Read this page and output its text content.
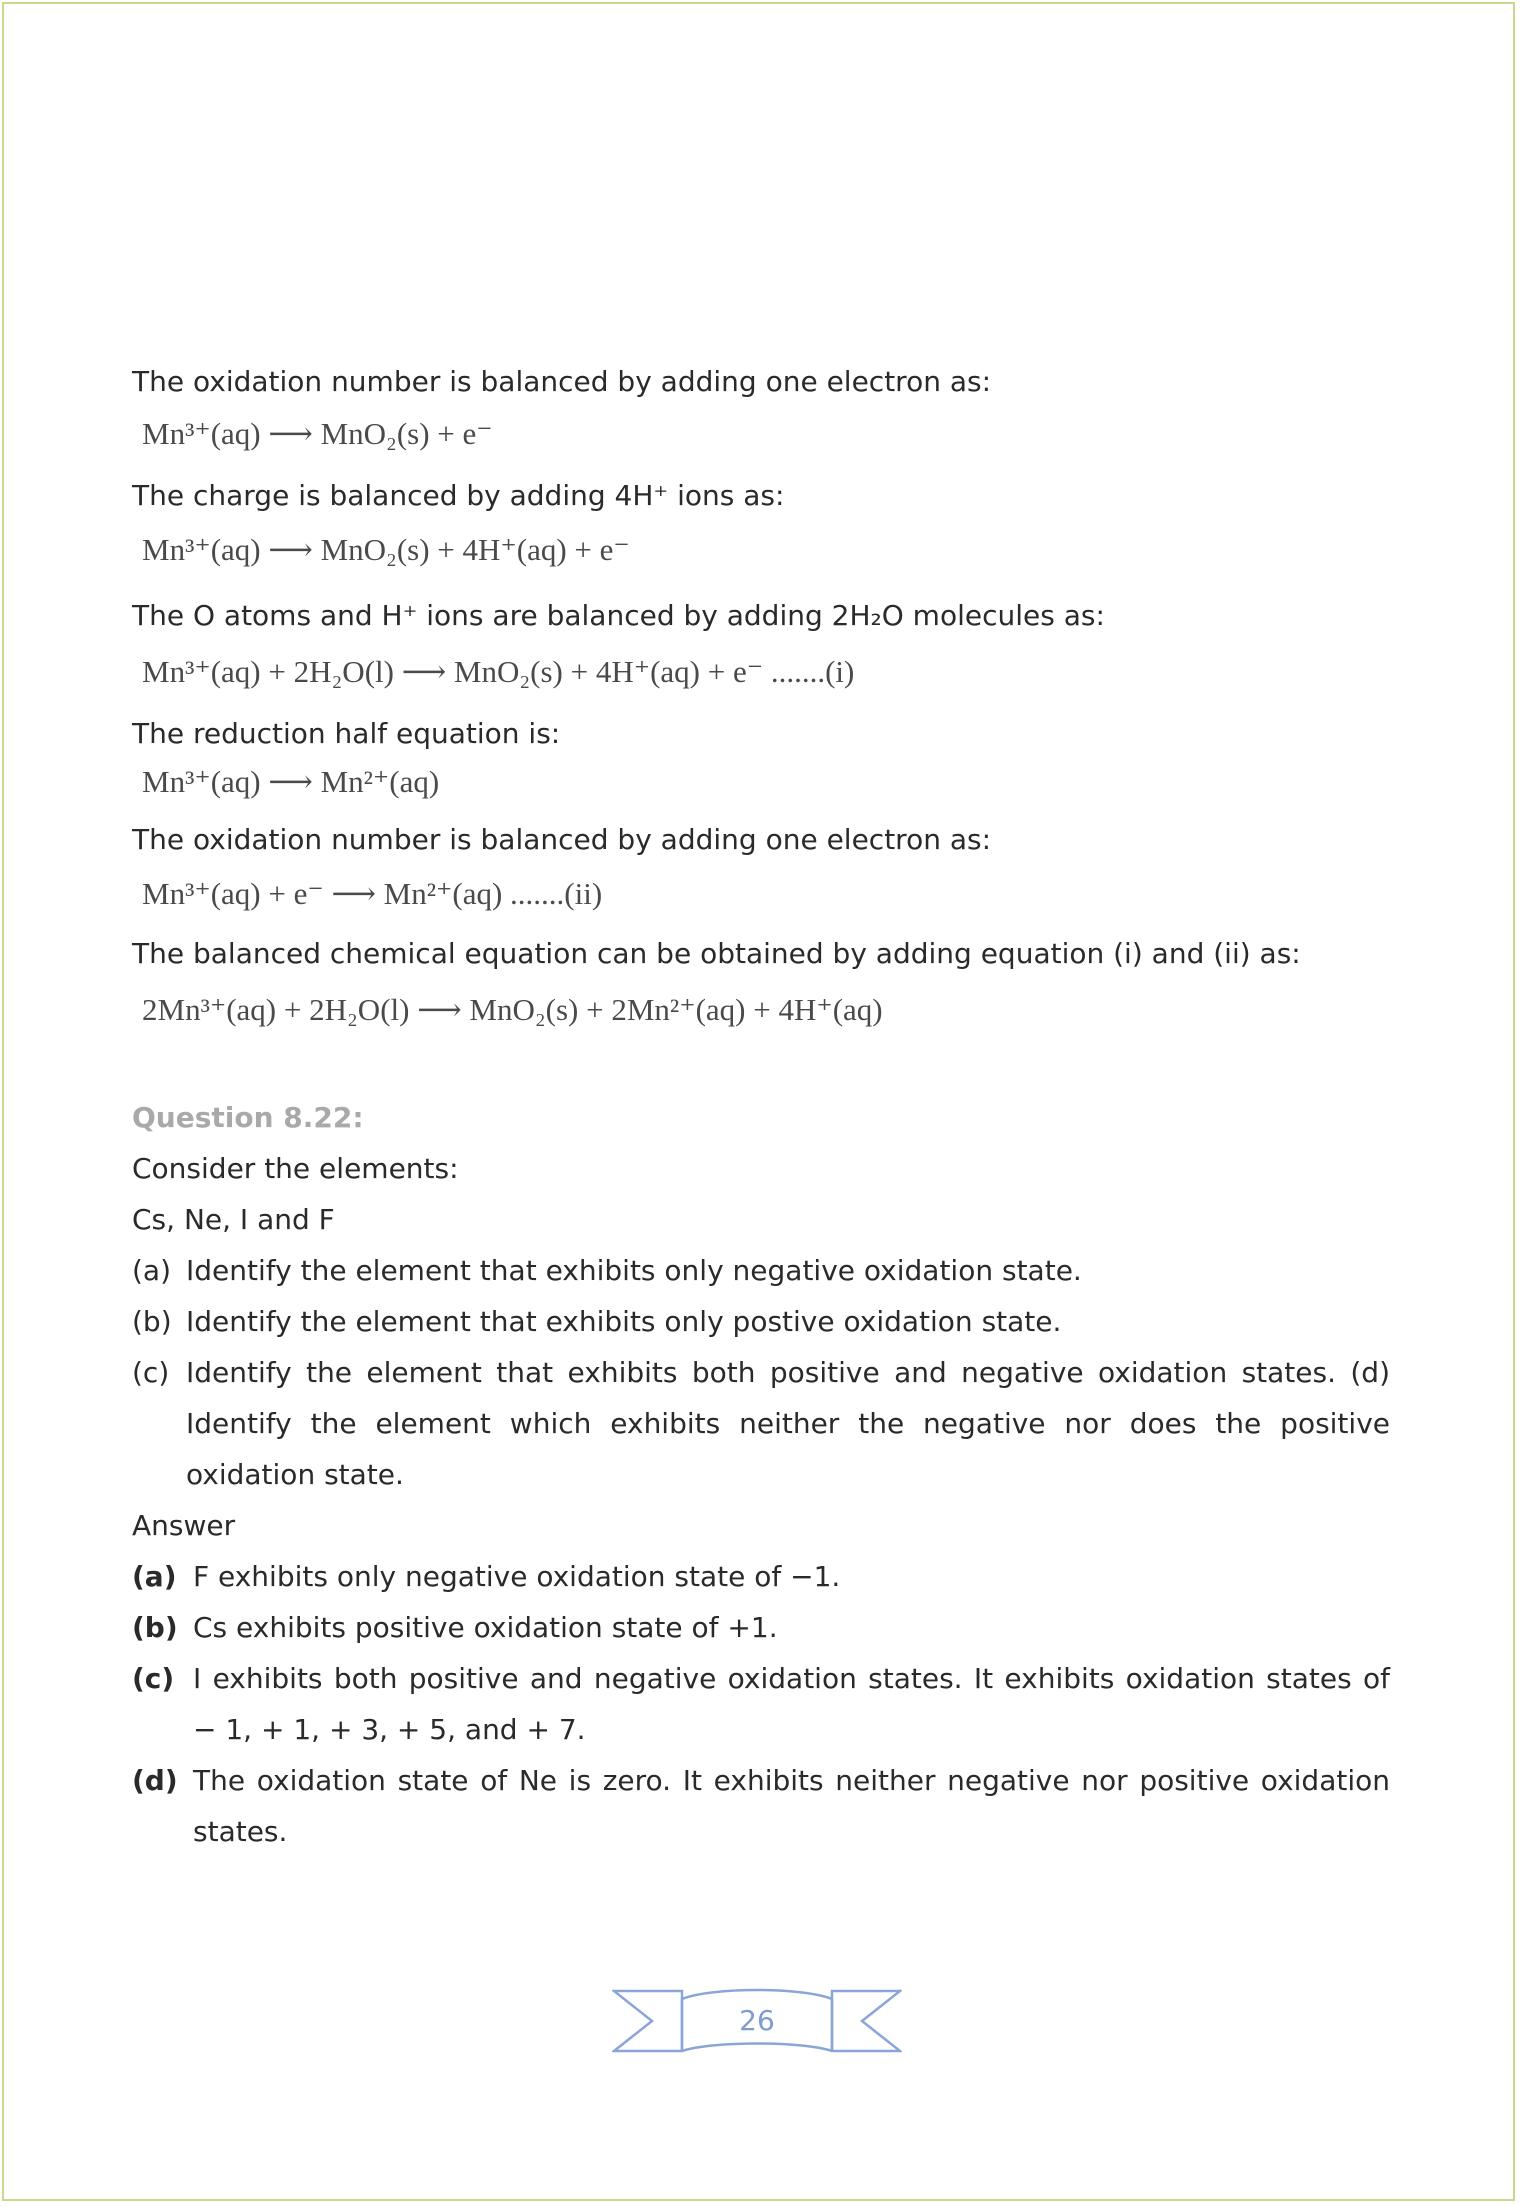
The oxidation number is balanced by adding one electron as:
Mn³⁺(aq) ⟶ MnO₂(s) + e⁻
The charge is balanced by adding 4H⁺ ions as:
Mn³⁺(aq) ⟶ MnO₂(s) + 4H⁺(aq) + e⁻
The O atoms and H⁺ ions are balanced by adding 2H₂O molecules as:
Mn³⁺(aq) + 2H₂O(l) ⟶ MnO₂(s) + 4H⁺(aq) + e⁻ .......(i)
The reduction half equation is:
Mn³⁺(aq) ⟶ Mn²⁺(aq)
The oxidation number is balanced by adding one electron as:
Mn³⁺(aq) + e⁻ ⟶ Mn²⁺(aq) .......(ii)
The balanced chemical equation can be obtained by adding equation (i) and (ii) as:
2Mn³⁺(aq) + 2H₂O(l) ⟶ MnO₂(s) + 2Mn²⁺(aq) + 4H⁺(aq)
Question 8.22:
Consider the elements:
Cs, Ne, I and F
(a) Identify the element that exhibits only negative oxidation state.
(b) Identify the element that exhibits only postive oxidation state.
(c) Identify the element that exhibits both positive and negative oxidation states. (d) Identify the element which exhibits neither the negative nor does the positive oxidation state.
Answer
(a) F exhibits only negative oxidation state of −1.
(b) Cs exhibits positive oxidation state of +1.
(c) I exhibits both positive and negative oxidation states. It exhibits oxidation states of − 1, + 1, + 3, + 5, and + 7.
(d) The oxidation state of Ne is zero. It exhibits neither negative nor positive oxidation states.
26
